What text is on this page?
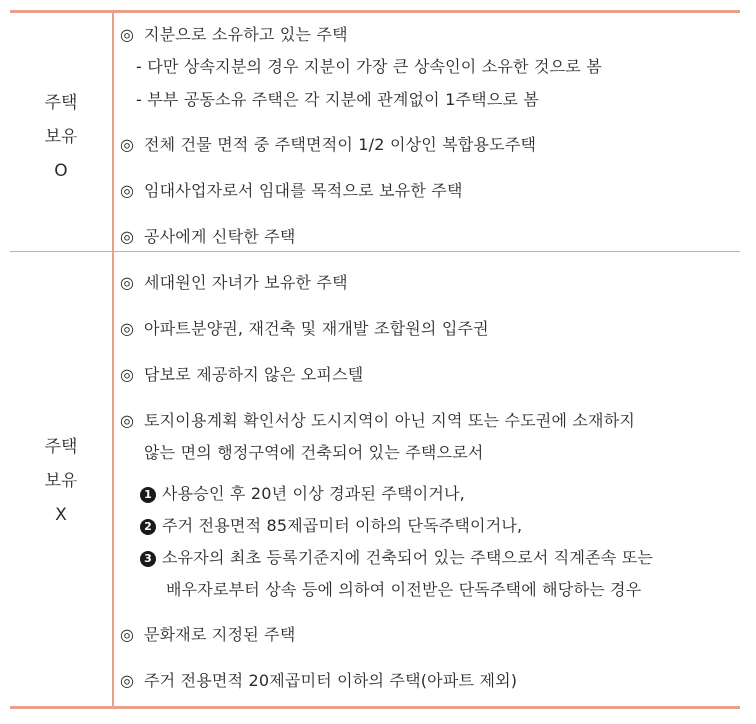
주택
보유
O
주택
보유
X
◎ 지분으로 소유하고 있는 주택
- 다만 상속지분의 경우 지분이 가장 큰 상속인이 소유한 것으로 봄
- 부부 공동소유 주택은 각 지분에 관계없이 1주택으로 봄
◎ 전체 건물 면적 중 주택면적이 1/2 이상인 복합용도주택
◎ 임대사업자로서 임대를 목적으로 보유한 주택
◎ 공사에게 신탁한 주택
◎ 세대원인 자녀가 보유한 주택
◎ 아파트분양권, 재건축 및 재개발 조합원의 입주권
◎ 담보로 제공하지 않은 오피스텔
◎ 토지이용계획 확인서상 도시지역이 아닌 지역 또는 수도권에 소재하지
않는 면의 행정구역에 건축되어 있는 주택으로서
1 사용승인 후 20년 이상 경과된 주택이거나,
2 주거 전용면적 85제곱미터 이하의 단독주택이거나,
3 소유자의 최초 등록기준지에 건축되어 있는 주택으로서 직계존속 또는
배우자로부터 상속 등에 의하여 이전받은 단독주택에 해당하는 경우
◎ 문화재로 지정된 주택
◎ 주거 전용면적 20제곱미터 이하의 주택(아파트 제외)
